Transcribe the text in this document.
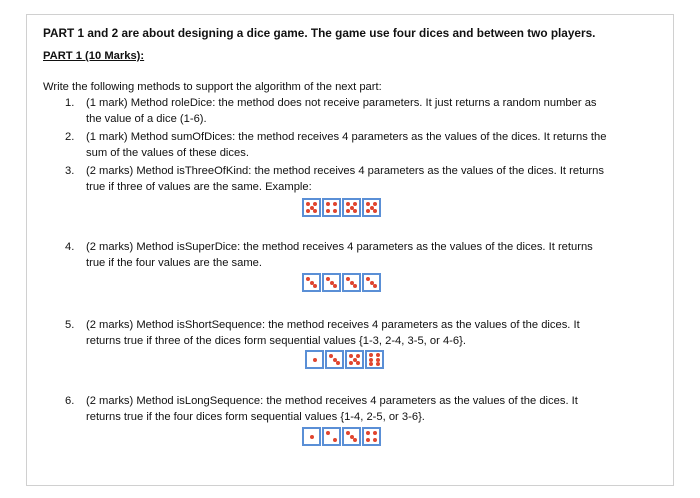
PART 1 and 2 are about designing a dice game. The game use four dices and between two players.
PART 1 (10 Marks):
Write the following methods to support the algorithm of the next part:
1. (1 mark) Method roleDice: the method does not receive parameters. It just returns a random number as
the value of a dice (1-6).
2. (1 mark) Method sumOfDices: the method receives 4 parameters as the values of the dices. It returns the
sum of the values of these dices.
3. (2 marks) Method isThreeOfKind: the method receives 4 parameters as the values of the dices. It returns
true if three of values are the same. Example:
4. (2 marks) Method isSuperDice: the method receives 4 parameters as the values of the dices. It returns
true if the four values are the same.
5. (2 marks) Method isShortSequence: the method receives 4 parameters as the values of the dices. It
returns true if three of the dices form sequential values {1-3, 2-4, 3-5, or 4-6}.
6. (2 marks) Method isLongSequence: the method receives 4 parameters as the values of the dices. It
returns true if the four dices form sequential values {1-4, 2-5, or 3-6}.
